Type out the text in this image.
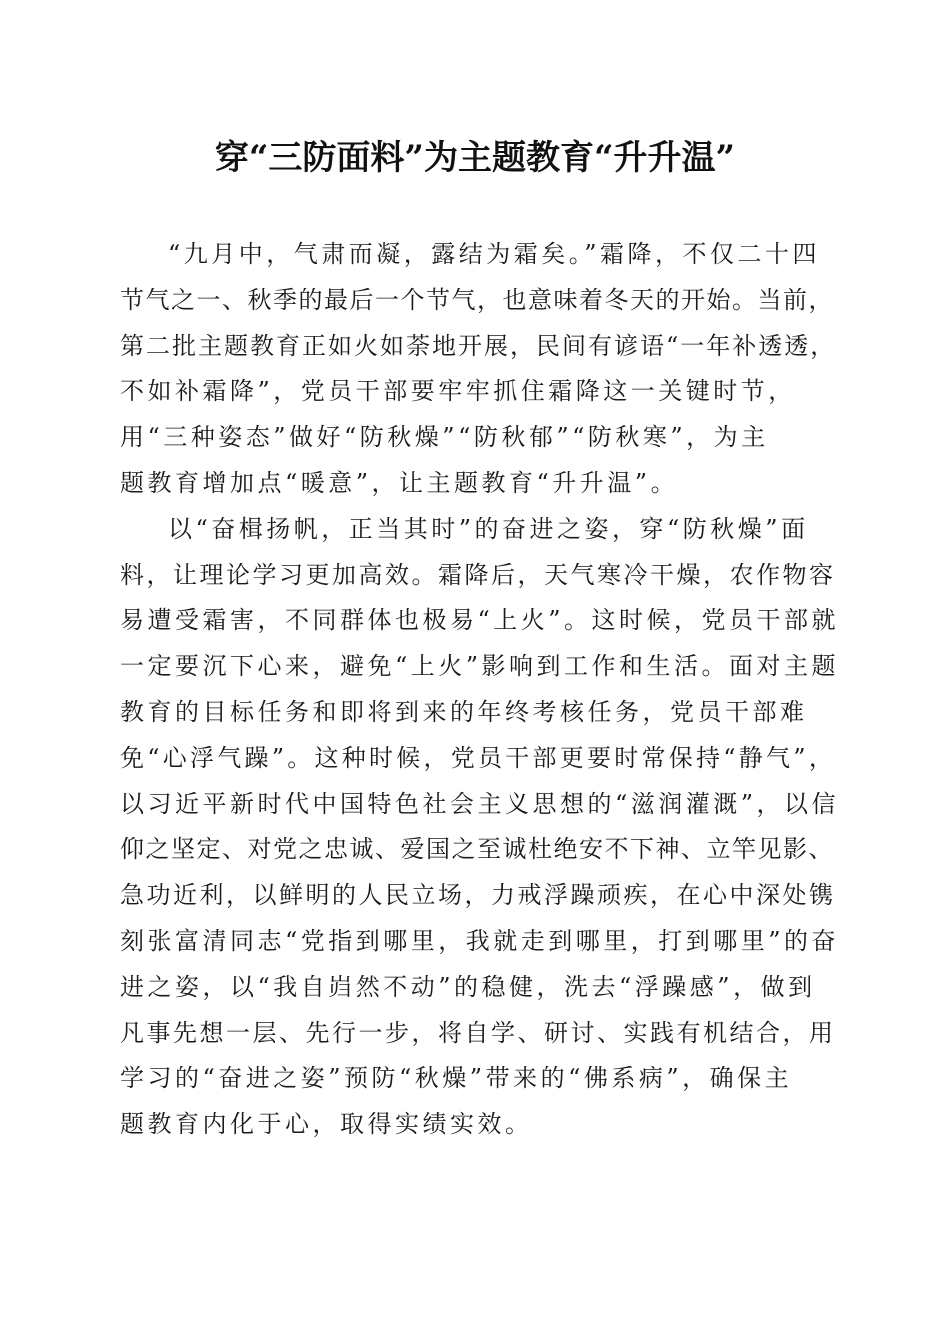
穿“三防面料”为主题教育“升升温”
“九月中，气肃而凝，露结为霜矣。”霜降，不仅二十四
节气之一、秋季的最后一个节气，也意味着冬天的开始。当前，
第二批主题教育正如火如荼地开展，民间有谚语“一年补透透，
不如补霜降”，党员干部要牢牢抓住霜降这一关键时节，
用“三种姿态”做好“防秋燥”“防秋郁”“防秋寒”，为主
题教育增加点“暖意”，让主题教育“升升温”。
以“奋楫扬帆，正当其时”的奋进之姿，穿“防秋燥”面
料，让理论学习更加高效。霜降后，天气寒冷干燥，农作物容
易遭受霜害，不同群体也极易“上火”。这时候，党员干部就
一定要沉下心来，避免“上火”影响到工作和生活。面对主题
教育的目标任务和即将到来的年终考核任务，党员干部难
免“心浮气躁”。这种时候，党员干部更要时常保持“静气”，
以习近平新时代中国特色社会主义思想的“滋润灌溉”，以信
仰之坚定、对党之忠诚、爱国之至诚杜绝安不下神、立竿见影、
急功近利，以鲜明的人民立场，力戒浮躁顽疾，在心中深处镌
刻张富清同志“党指到哪里，我就走到哪里，打到哪里”的奋
进之姿，以“我自岿然不动”的稳健，洗去“浮躁感”，做到
凡事先想一层、先行一步，将自学、研讨、实践有机结合，用
学习的“奋进之姿”预防“秋燥”带来的“佛系病”，确保主
题教育内化于心，取得实绩实效。
